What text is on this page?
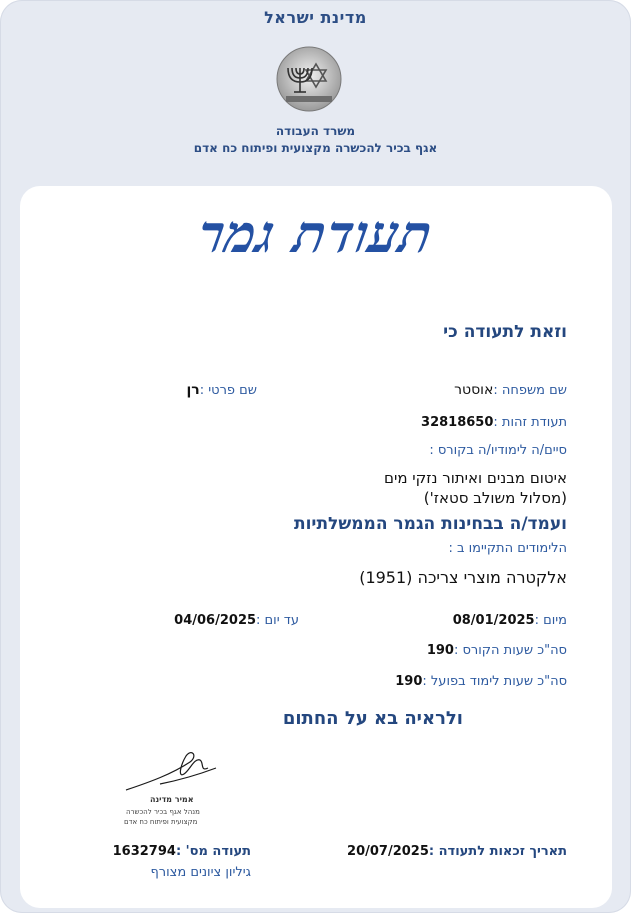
מדינת ישראל
משרד העבודה
אגף בכיר להכשרה מקצועית ופיתוח כח אדם
תעודת גמר
וזאת לתעודה כי
שם משפחה :אוסטר
שם פרטי :רן
תעודת זהות :32818650
סיים/ה לימודיו/ה בקורס :
איטום מבנים ואיתור נזקי מים
(מסלול משולב סטאז')
ועמד/ה בבחינות הגמר הממשלתיות
הלימודים התקיימו ב :
אלקטרה מוצרי צריכה (1951)
מיום :08/01/2025
עד יום :04/06/2025
סה"כ שעות הקורס :190
סה"כ שעות לימוד בפועל :190
ולראיה בא על החתום
אמיר מדינה
מנהל אגף בכיר להכשרה
מקצועית ופיתוח כח אדם
תאריך זכאות לתעודה :20/07/2025
תעודה מס' :1632794
גיליון ציונים מצורף
